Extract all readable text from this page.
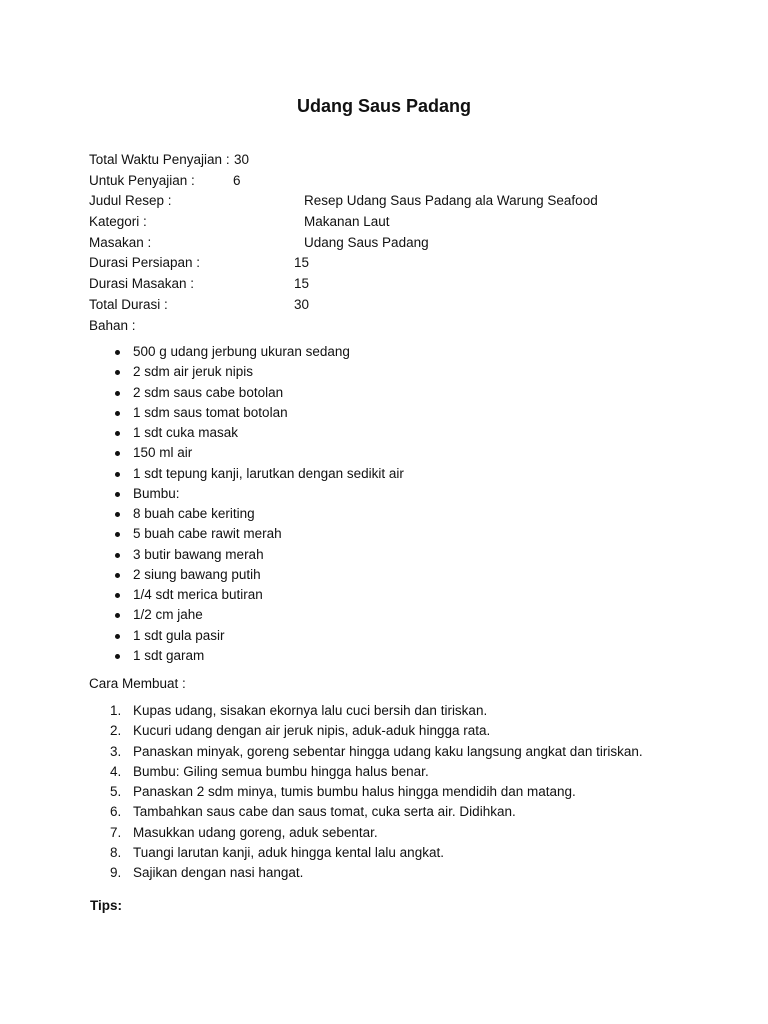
Udang Saus Padang
Total Waktu Penyajian : 30
Untuk Penyajian :	6
Judul Resep :	Resep Udang Saus Padang ala Warung Seafood
Kategori :	Makanan Laut
Masakan :	Udang Saus Padang
Durasi Persiapan :	15
Durasi Masakan :	15
Total Durasi :	30
Bahan :
500 g udang jerbung ukuran sedang
2 sdm air jeruk nipis
2 sdm saus cabe botolan
1 sdm saus tomat botolan
1 sdt cuka masak
150 ml air
1 sdt tepung kanji, larutkan dengan sedikit air
Bumbu:
8 buah cabe keriting
5 buah cabe rawit merah
3 butir bawang merah
2 siung bawang putih
1/4 sdt merica butiran
1/2 cm jahe
1 sdt gula pasir
1 sdt garam
Cara Membuat :
1. Kupas udang, sisakan ekornya lalu cuci bersih dan tiriskan.
2. Kucuri udang dengan air jeruk nipis, aduk-aduk hingga rata.
3. Panaskan minyak, goreng sebentar hingga udang kaku langsung angkat dan tiriskan.
4. Bumbu: Giling semua bumbu hingga halus benar.
5. Panaskan 2 sdm minya, tumis bumbu halus hingga mendidih dan matang.
6. Tambahkan saus cabe dan saus tomat, cuka serta air. Didihkan.
7. Masukkan udang goreng, aduk sebentar.
8. Tuangi larutan kanji, aduk hingga kental lalu angkat.
9. Sajikan dengan nasi hangat.
Tips:
